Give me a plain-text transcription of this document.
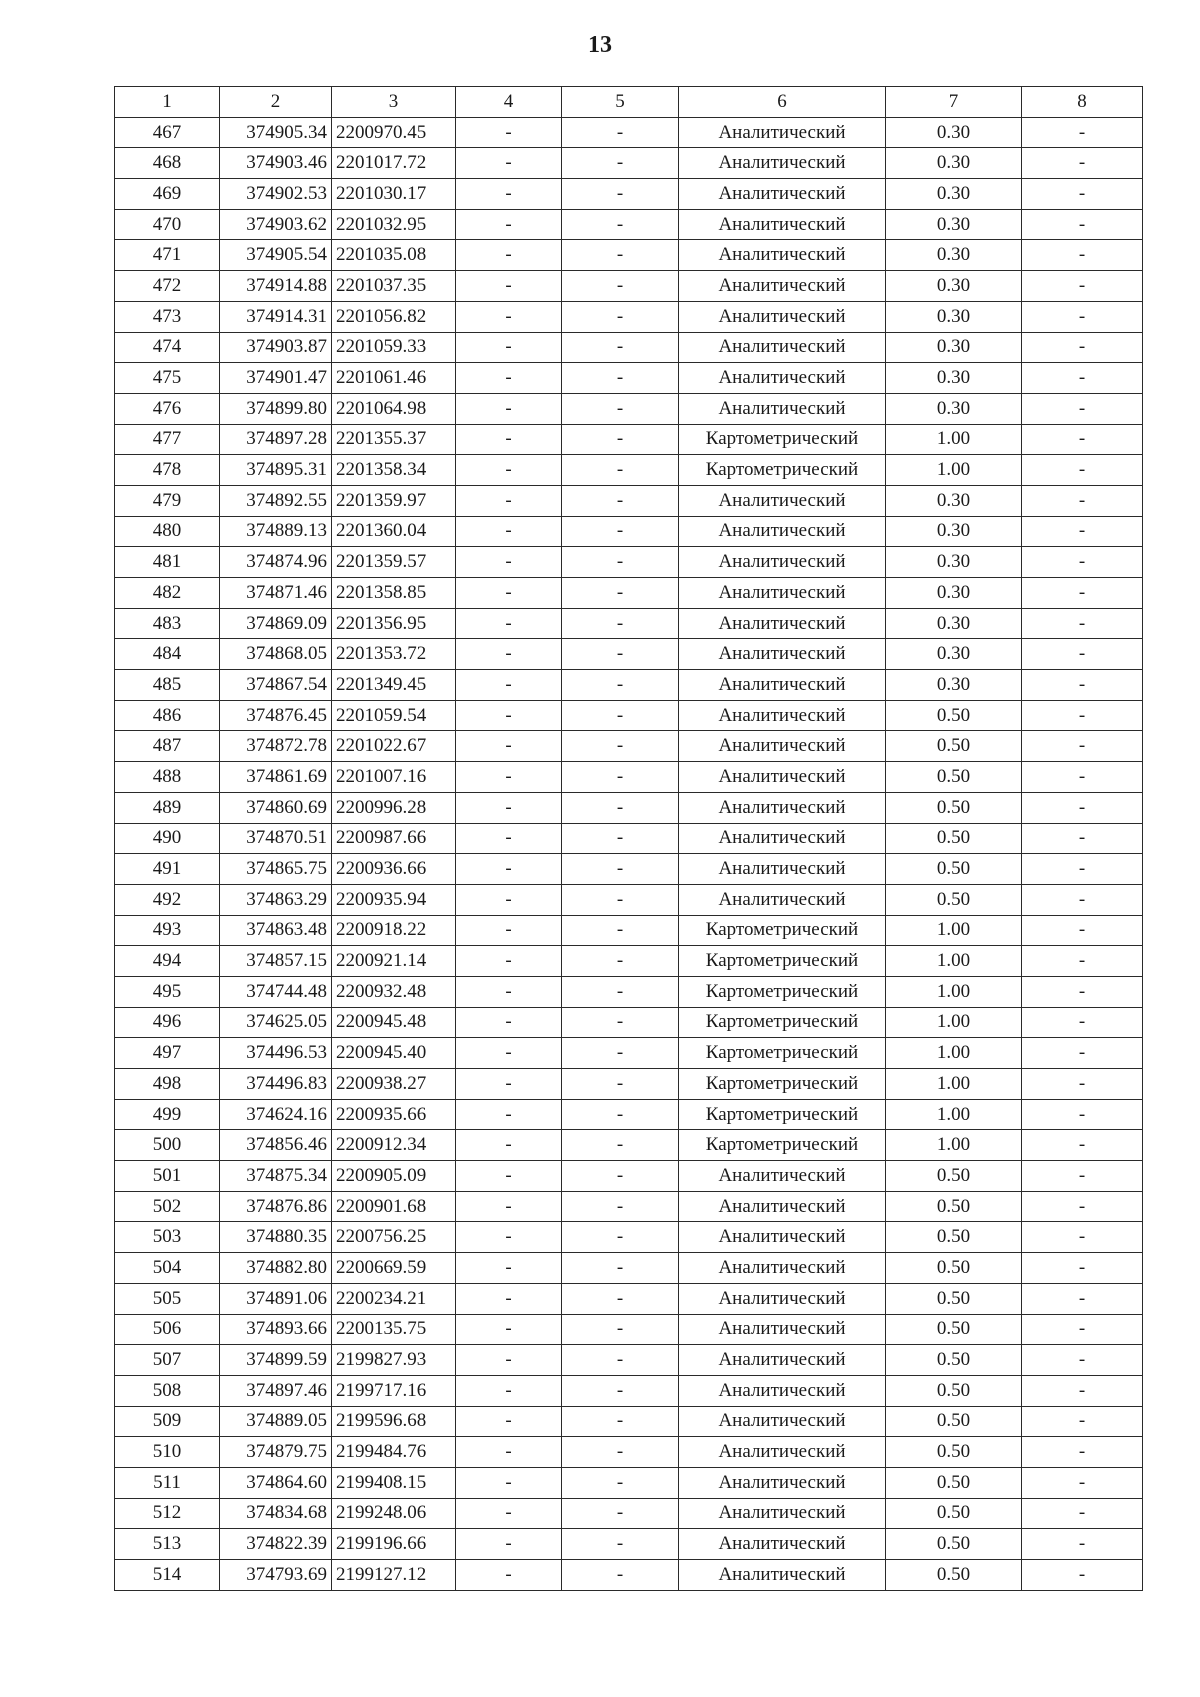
13
1	2	3	4	5	6	7	8
467	374905.34	2200970.45	-	-	Аналитический	0.30	-
468	374903.46	2201017.72	-	-	Аналитический	0.30	-
469	374902.53	2201030.17	-	-	Аналитический	0.30	-
470	374903.62	2201032.95	-	-	Аналитический	0.30	-
471	374905.54	2201035.08	-	-	Аналитический	0.30	-
472	374914.88	2201037.35	-	-	Аналитический	0.30	-
473	374914.31	2201056.82	-	-	Аналитический	0.30	-
474	374903.87	2201059.33	-	-	Аналитический	0.30	-
475	374901.47	2201061.46	-	-	Аналитический	0.30	-
476	374899.80	2201064.98	-	-	Аналитический	0.30	-
477	374897.28	2201355.37	-	-	Картометрический	1.00	-
478	374895.31	2201358.34	-	-	Картометрический	1.00	-
479	374892.55	2201359.97	-	-	Аналитический	0.30	-
480	374889.13	2201360.04	-	-	Аналитический	0.30	-
481	374874.96	2201359.57	-	-	Аналитический	0.30	-
482	374871.46	2201358.85	-	-	Аналитический	0.30	-
483	374869.09	2201356.95	-	-	Аналитический	0.30	-
484	374868.05	2201353.72	-	-	Аналитический	0.30	-
485	374867.54	2201349.45	-	-	Аналитический	0.30	-
486	374876.45	2201059.54	-	-	Аналитический	0.50	-
487	374872.78	2201022.67	-	-	Аналитический	0.50	-
488	374861.69	2201007.16	-	-	Аналитический	0.50	-
489	374860.69	2200996.28	-	-	Аналитический	0.50	-
490	374870.51	2200987.66	-	-	Аналитический	0.50	-
491	374865.75	2200936.66	-	-	Аналитический	0.50	-
492	374863.29	2200935.94	-	-	Аналитический	0.50	-
493	374863.48	2200918.22	-	-	Картометрический	1.00	-
494	374857.15	2200921.14	-	-	Картометрический	1.00	-
495	374744.48	2200932.48	-	-	Картометрический	1.00	-
496	374625.05	2200945.48	-	-	Картометрический	1.00	-
497	374496.53	2200945.40	-	-	Картометрический	1.00	-
498	374496.83	2200938.27	-	-	Картометрический	1.00	-
499	374624.16	2200935.66	-	-	Картометрический	1.00	-
500	374856.46	2200912.34	-	-	Картометрический	1.00	-
501	374875.34	2200905.09	-	-	Аналитический	0.50	-
502	374876.86	2200901.68	-	-	Аналитический	0.50	-
503	374880.35	2200756.25	-	-	Аналитический	0.50	-
504	374882.80	2200669.59	-	-	Аналитический	0.50	-
505	374891.06	2200234.21	-	-	Аналитический	0.50	-
506	374893.66	2200135.75	-	-	Аналитический	0.50	-
507	374899.59	2199827.93	-	-	Аналитический	0.50	-
508	374897.46	2199717.16	-	-	Аналитический	0.50	-
509	374889.05	2199596.68	-	-	Аналитический	0.50	-
510	374879.75	2199484.76	-	-	Аналитический	0.50	-
511	374864.60	2199408.15	-	-	Аналитический	0.50	-
512	374834.68	2199248.06	-	-	Аналитический	0.50	-
513	374822.39	2199196.66	-	-	Аналитический	0.50	-
514	374793.69	2199127.12	-	-	Аналитический	0.50	-
